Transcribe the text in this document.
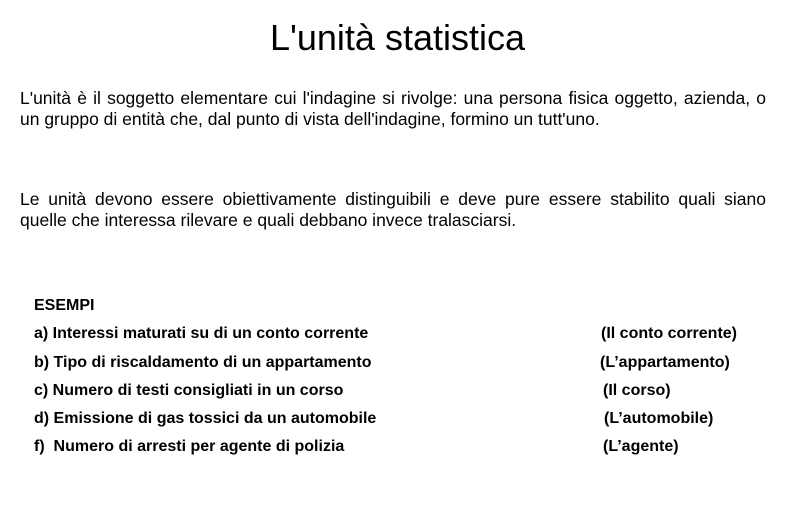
L'unità statistica

L'unità è il soggetto elementare cui l'indagine si rivolge: una persona fisica oggetto, azienda, o un gruppo di entità che, dal punto di vista dell'indagine, formino un tutt'uno.

Le unità devono essere obiettivamente distinguibili e deve pure essere stabilito quali siano quelle che interessa rilevare e quali debbano invece tralasciarsi.

ESEMPI
a) Interessi maturati su di un conto corrente	(Il conto corrente)
b) Tipo di riscaldamento di un appartamento	(L’appartamento)
c) Numero di testi consigliati in un corso	(Il corso)
d) Emissione di gas tossici da un automobile	(L’automobile)
f)  Numero di arresti per agente di polizia	(L’agente)
